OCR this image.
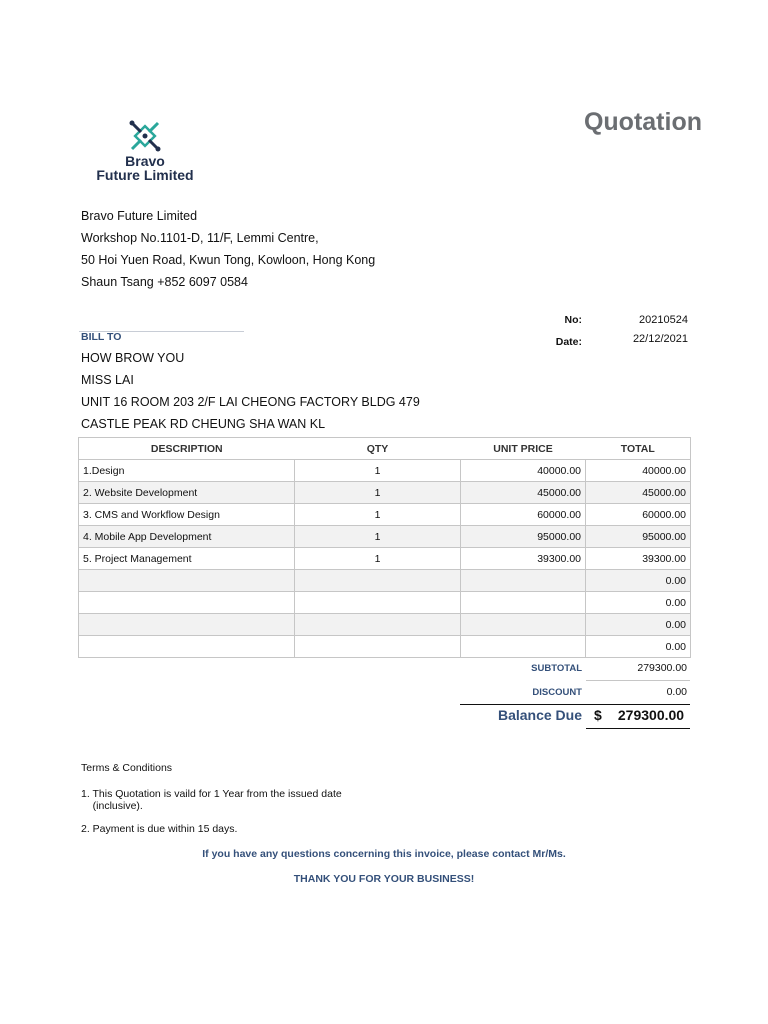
Quotation
Bravo
Future Limited
Bravo Future Limited
Workshop No.1101-D, 11/F, Lemmi Centre,
50 Hoi Yuen Road, Kwun Tong, Kowloon, Hong Kong
Shaun Tsang +852 6097 0584
No:	20210524
Date:	22/12/2021
BILL TO
HOW BROW YOU
MISS LAI
UNIT 16 ROOM 203 2/F LAI CHEONG FACTORY BLDG 479
CASTLE PEAK RD CHEUNG SHA WAN KL
DESCRIPTION	QTY	UNIT PRICE	TOTAL
1.Design	1	40000.00	40000.00
2. Website Development	1	45000.00	45000.00
3. CMS and Workflow Design	1	60000.00	60000.00
4. Mobile App Development	1	95000.00	95000.00
5. Project Management	1	39300.00	39300.00
			0.00
			0.00
			0.00
			0.00
SUBTOTAL	279300.00
DISCOUNT	0.00
Balance Due $ 279300.00
Terms & Conditions
1. This Quotation is vaild for 1 Year from the issued date
(inclusive).
2. Payment is due within 15 days.
If you have any questions concerning this invoice, please contact Mr/Ms.
THANK YOU FOR YOUR BUSINESS!
